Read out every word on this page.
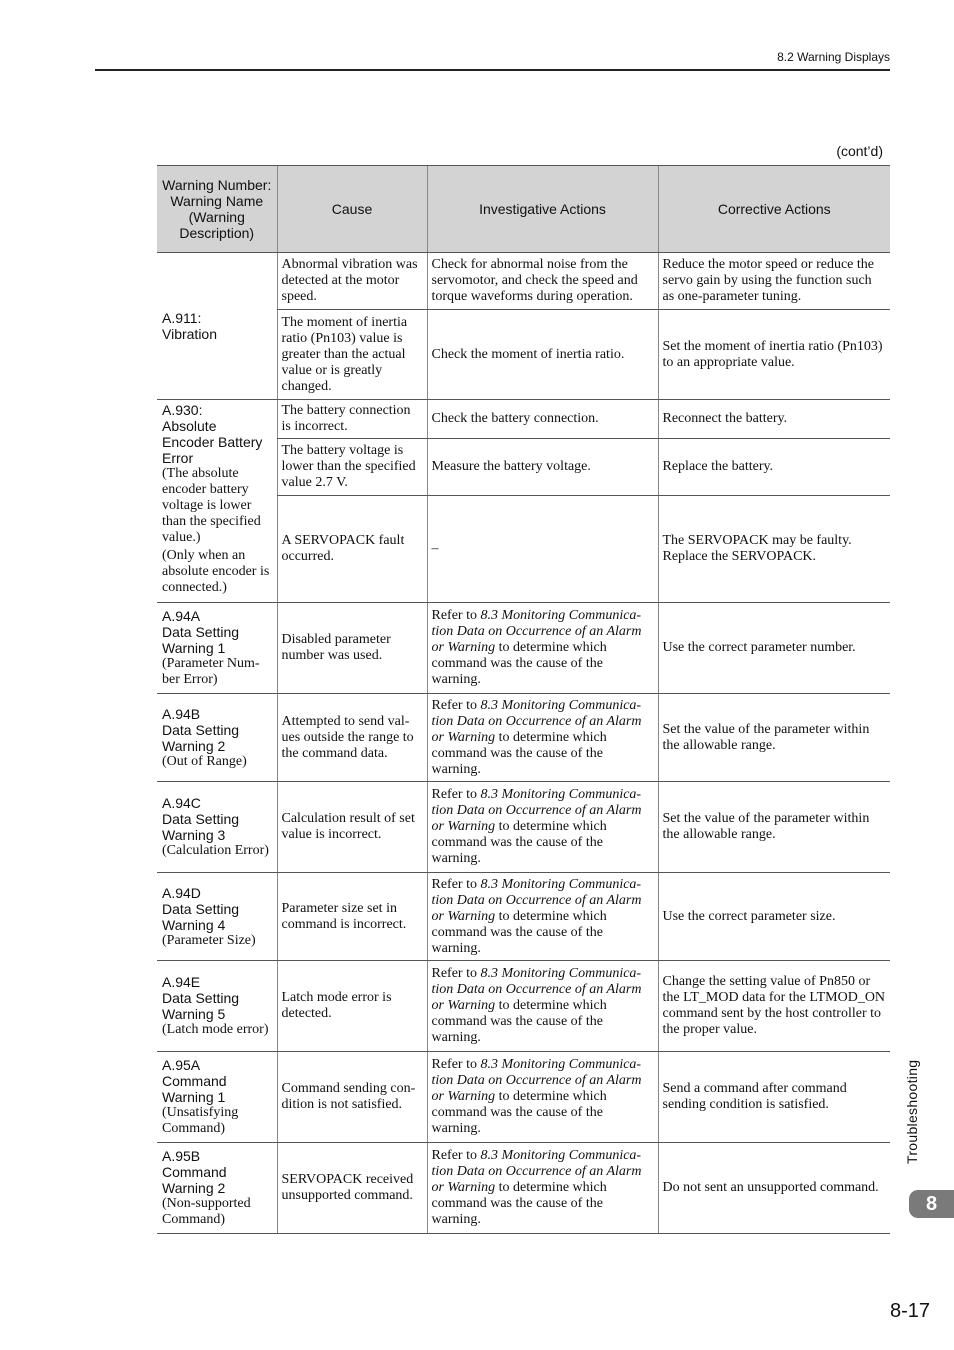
8.2 Warning Displays
(cont’d)
Warning Number: Warning Name (Warning Description)	Cause	Investigative Actions	Corrective Actions

A.911:
Vibration	Abnormal vibration was detected at the motor speed.	Check for abnormal noise from the servomotor, and check the speed and torque waveforms during operation.	Reduce the motor speed or reduce the servo gain by using the function such as one-parameter tuning.
	The moment of inertia ratio (Pn103) value is greater than the actual value or is greatly changed.	Check the moment of inertia ratio.	Set the moment of inertia ratio (Pn103) to an appropriate value.

A.930:
Absolute Encoder Battery Error
(The absolute encoder battery voltage is lower than the specified value.)
(Only when an absolute encoder is connected.)	The battery connection is incorrect.	Check the battery connection.	Reconnect the battery.
	The battery voltage is lower than the specified value 2.7 V.	Measure the battery voltage.	Replace the battery.
	A SERVOPACK fault occurred.	–	The SERVOPACK may be faulty. Replace the SERVOPACK.

A.94A
Data Setting Warning 1
(Parameter Num-ber Error)	Disabled parameter number was used.	Refer to 8.3 Monitoring Communica-tion Data on Occurrence of an Alarm or Warning to determine which command was the cause of the warning.	Use the correct parameter number.

A.94B
Data Setting Warning 2
(Out of Range)	Attempted to send val-ues outside the range to the command data.	Refer to 8.3 Monitoring Communica-tion Data on Occurrence of an Alarm or Warning to determine which command was the cause of the warning.	Set the value of the parameter within the allowable range.

A.94C
Data Setting Warning 3
(Calculation Error)	Calculation result of set value is incorrect.	Refer to 8.3 Monitoring Communica-tion Data on Occurrence of an Alarm or Warning to determine which command was the cause of the warning.	Set the value of the parameter within the allowable range.

A.94D
Data Setting Warning 4
(Parameter Size)	Parameter size set in command is incorrect.	Refer to 8.3 Monitoring Communica-tion Data on Occurrence of an Alarm or Warning to determine which command was the cause of the warning.	Use the correct parameter size.

A.94E
Data Setting Warning 5
(Latch mode error)	Latch mode error is detected.	Refer to 8.3 Monitoring Communica-tion Data on Occurrence of an Alarm or Warning to determine which command was the cause of the warning.	Change the setting value of Pn850 or the LT_MOD data for the LTMOD_ON command sent by the host controller to the proper value.

A.95A
Command Warning 1
(Unsatisfying Command)	Command sending con-dition is not satisfied.	Refer to 8.3 Monitoring Communica-tion Data on Occurrence of an Alarm or Warning to determine which command was the cause of the warning.	Send a command after command sending condition is satisfied.

A.95B
Command Warning 2
(Non-supported Command)	SERVOPACK received unsupported command.	Refer to 8.3 Monitoring Communica-tion Data on Occurrence of an Alarm or Warning to determine which command was the cause of the warning.	Do not sent an unsupported command.
Troubleshooting
8
8-17
